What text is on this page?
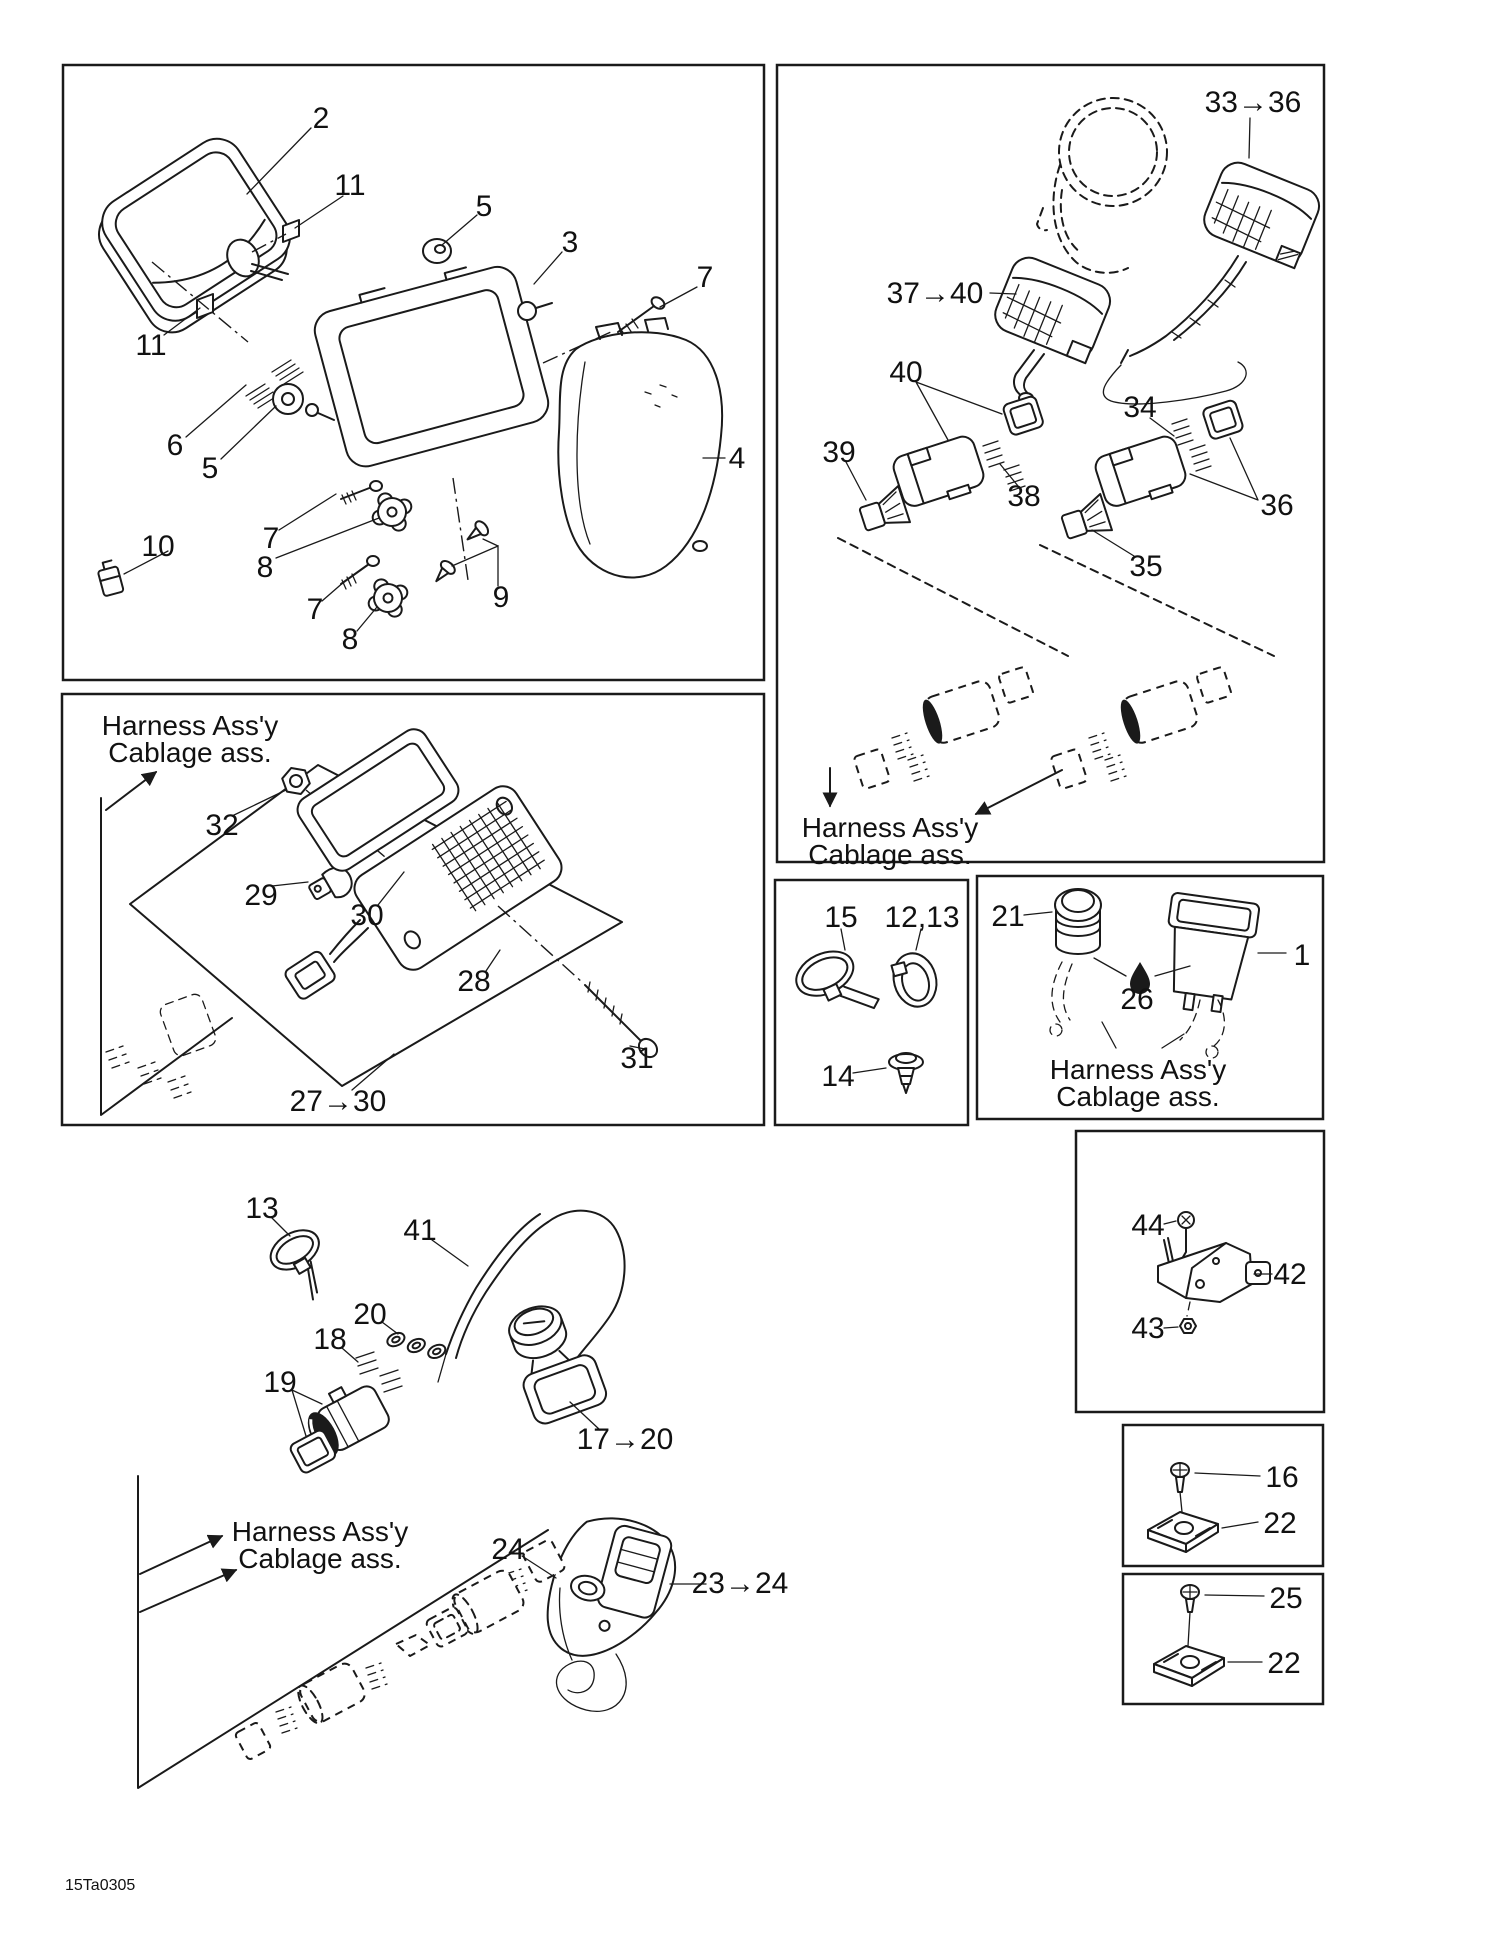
2
11
5
3
7
11
6
5
10	7
8
7
8
9
4
33→36
37→40
40
34
39
38	36
35
32
29
30
28
31
27→30
15 12,13
14
21
1
26
44
42
43
16
22
25
22
13
41
20
18
19
17→20
24
23→24
Harness Ass'y Cablage ass.
Harness Ass'y Cablage ass.
Harness Ass'y Cablage ass.
Harness Ass'y Cablage ass.
15Ta0305
